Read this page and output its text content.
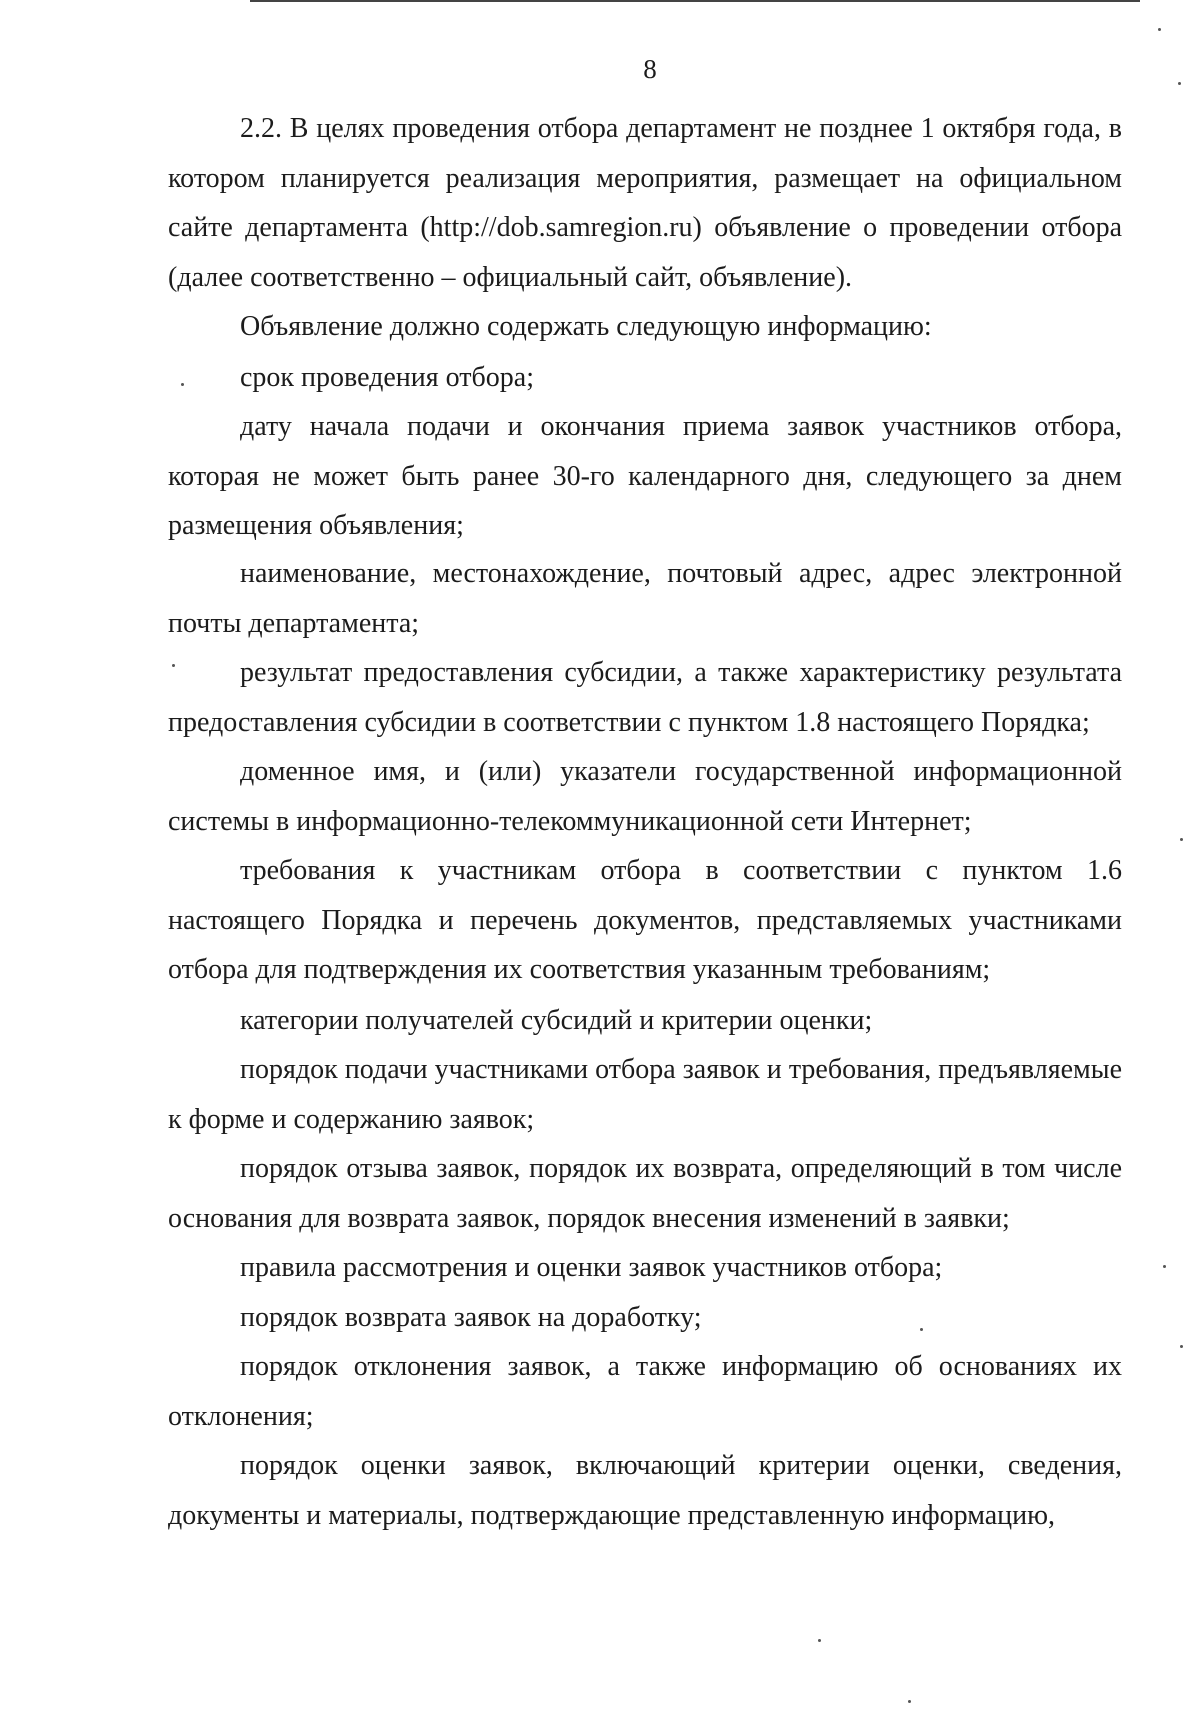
8

2.2. В целях проведения отбора департамент не позднее 1 октября года, в котором планируется реализация мероприятия, размещает на официальном сайте департамента (http://dob.samregion.ru) объявление о проведении отбора (далее соответственно – официальный сайт, объявление).

Объявление должно содержать следующую информацию:

срок проведения отбора;

дату начала подачи и окончания приема заявок участников отбора, которая не может быть ранее 30-го календарного дня, следующего за днем размещения объявления;

наименование, местонахождение, почтовый адрес, адрес электронной почты департамента;

результат предоставления субсидии, а также характеристику результата предоставления субсидии в соответствии с пунктом 1.8 настоящего Порядка;

доменное имя, и (или) указатели государственной информационной системы в информационно-телекоммуникационной сети Интернет;

требования к участникам отбора в соответствии с пунктом 1.6 настоящего Порядка и перечень документов, представляемых участниками отбора для подтверждения их соответствия указанным требованиям;

категории получателей субсидий и критерии оценки;

порядок подачи участниками отбора заявок и требования, предъявляемые к форме и содержанию заявок;

порядок отзыва заявок, порядок их возврата, определяющий в том числе основания для возврата заявок, порядок внесения изменений в заявки;

правила рассмотрения и оценки заявок участников отбора;

порядок возврата заявок на доработку;

порядок отклонения заявок, а также информацию об основаниях их отклонения;

порядок оценки заявок, включающий критерии оценки, сведения, документы и материалы, подтверждающие представленную информацию,
